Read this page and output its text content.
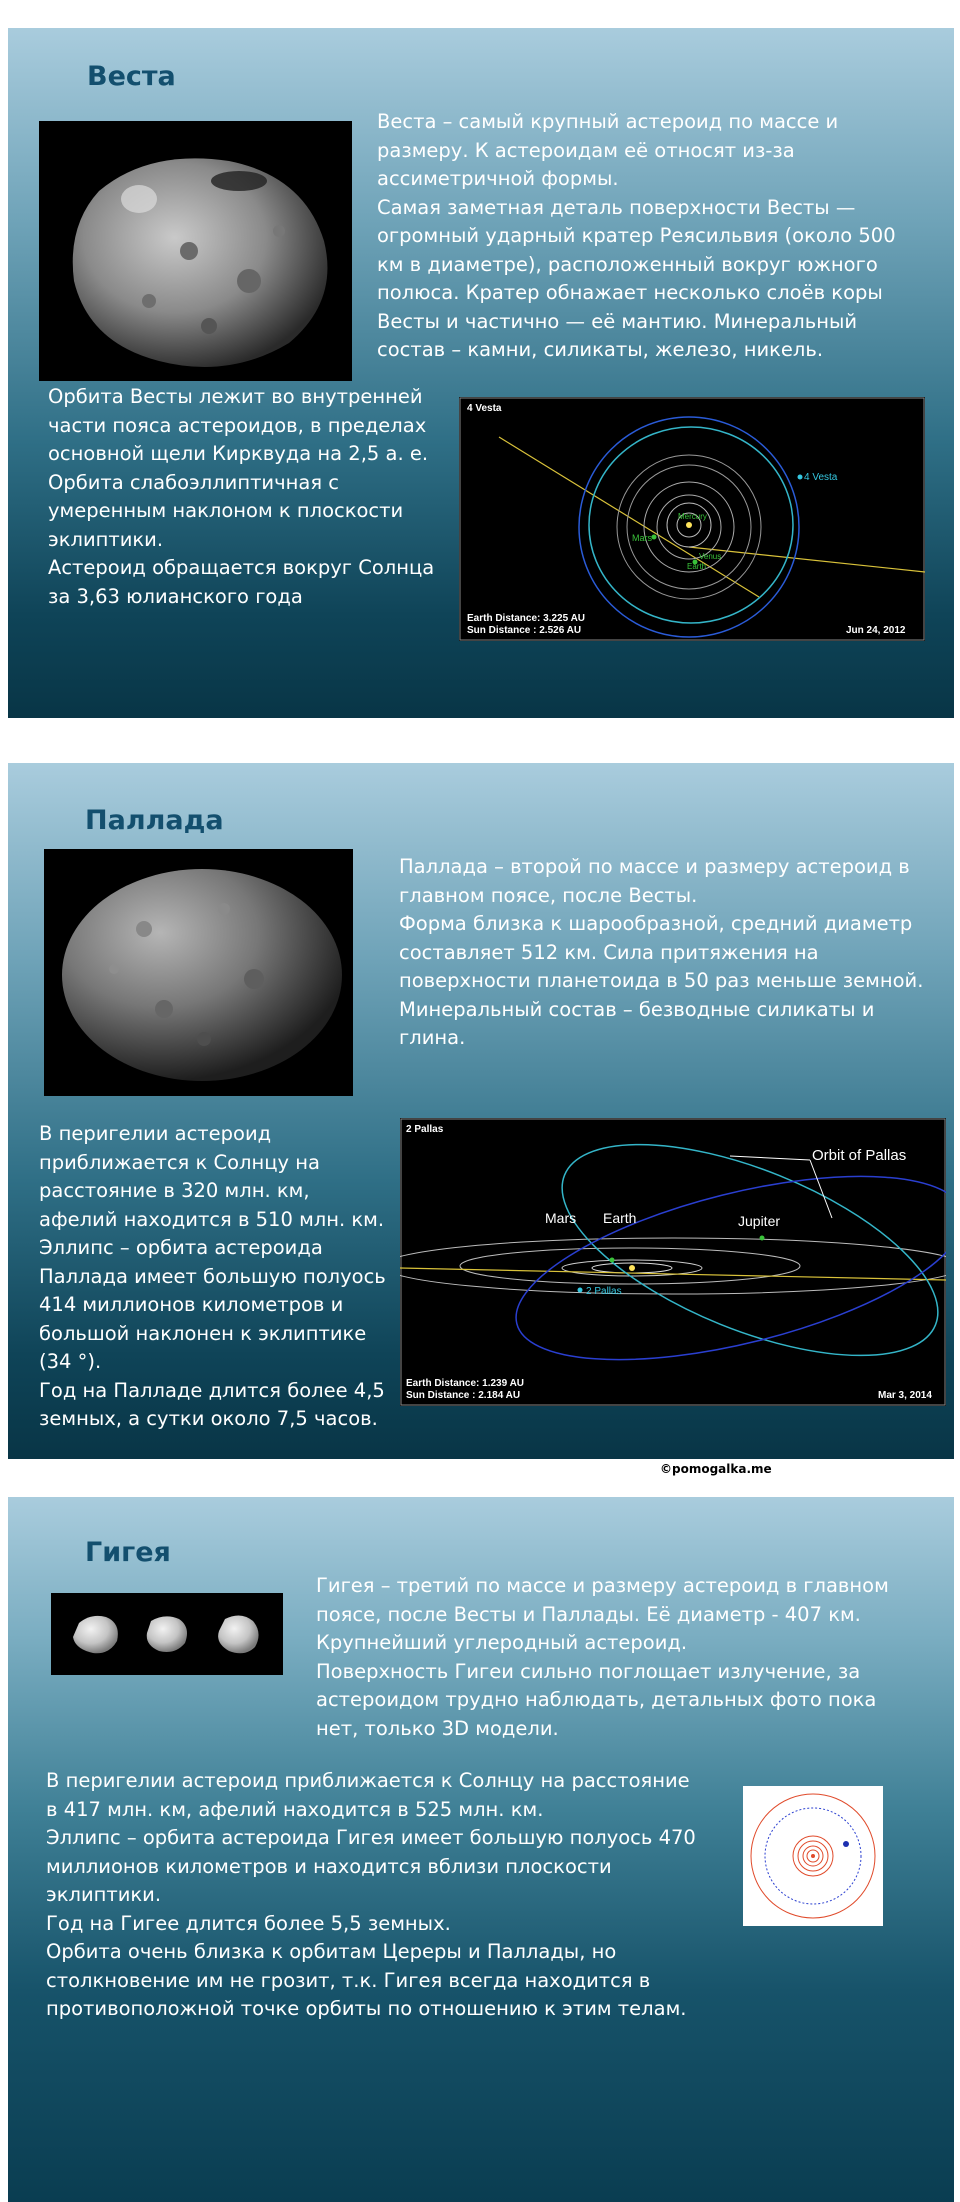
Веста

Веста – самый крупный астероид по массе и размеру. К астероидам её относят из-за ассиметричной формы.
Самая заметная деталь поверхности Весты — огромный ударный кратер Реясильвия (около 500 км в диаметре), расположенный вокруг южного полюса. Кратер обнажает несколько слоёв коры Весты и частично — её мантию. Минеральный состав – камни, силикаты, железо, никель.

Орбита Весты лежит во внутренней части пояса астероидов, в пределах основной щели Кирквуда на 2,5 а. е.
Орбита слабоэллиптичная с умеренным наклоном к плоскости эклиптики.
Астероид обращается вокруг Солнца за 3,63 юлианского года

4 Vesta
4 Vesta
Mars
Mercury
Venus
Earth
Earth Distance: 3.225 AU
Sun Distance : 2.526 AU	Jun 24, 2012
Паллада

Паллада – второй по массе и размеру астероид в главном поясе, после Весты.
Форма близка к шарообразной, средний диаметр составляет 512 км. Сила притяжения на поверхности планетоида в 50 раз меньше земной. Минеральный состав – безводные силикаты и глина.

В перигелии астероид приближается к Солнцу на расстояние в 320 млн. км, афелий находится в 510 млн. км.
Эллипс – орбита астероида Паллада имеет большую полуось 414 миллионов километров и большой наклонен к эклиптике (34 °).
Год на Палладе длится более 4,5 земных, а сутки около 7,5 часов.

2 Pallas
Orbit of Pallas
Mars Earth	Jupiter
2 Pallas
Earth Distance: 1.239 AU
Sun Distance : 2.184 AU	Mar 3, 2014
©pomogalka.me
Гигея

Гигея – третий по массе и размеру астероид в главном поясе, после Весты и Паллады. Её диаметр - 407 км. Крупнейший углеродный астероид.
Поверхность Гигеи сильно поглощает излучение, за астероидом трудно наблюдать, детальных фото пока нет, только 3D модели.

В перигелии астероид приближается к Солнцу на расстояние в 417 млн. км, афелий находится в 525 млн. км.
Эллипс – орбита астероида Гигея имеет большую полуось 470 миллионов километров и находится вблизи плоскости эклиптики.
Год на Гигее длится более 5,5 земных.
Орбита очень близка к орбитам Цереры и Паллады, но столкновение им не грозит, т.к. Гигея всегда находится в противоположной точке орбиты по отношению к этим телам.
